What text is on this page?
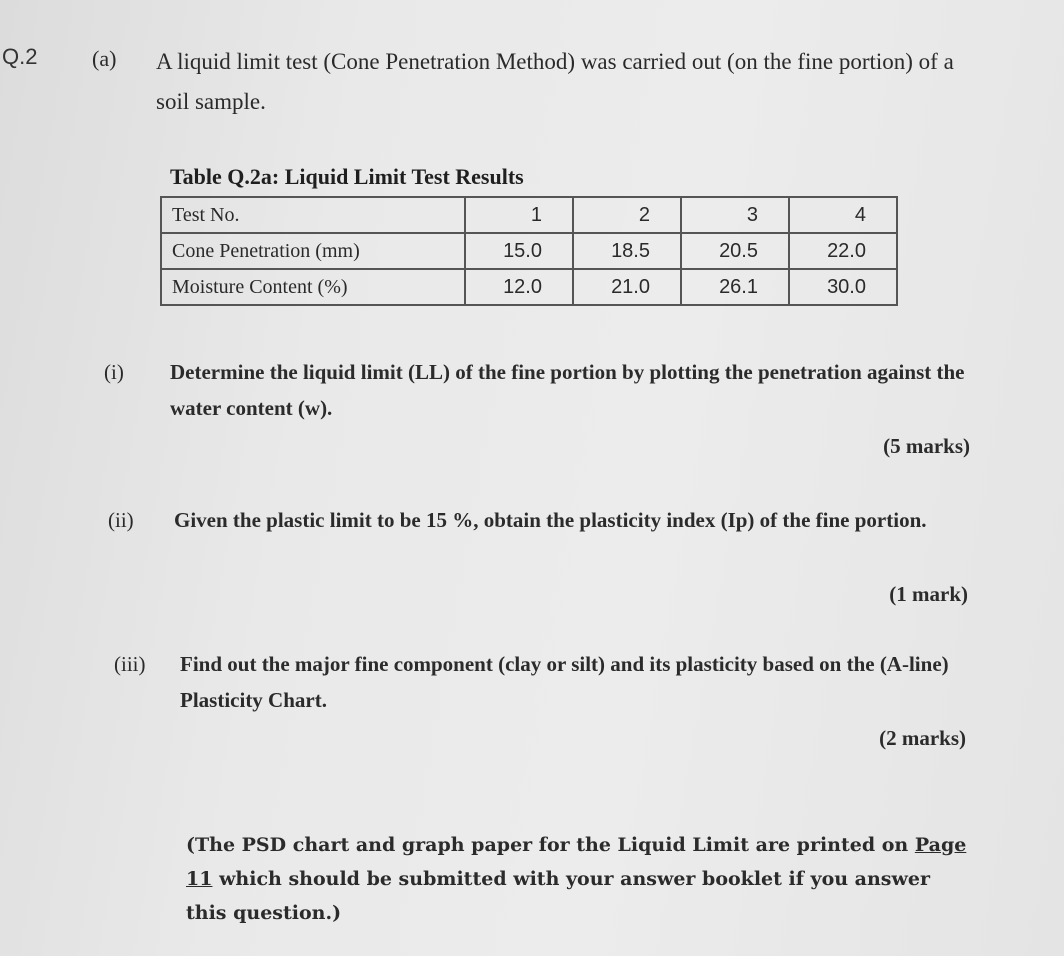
Q.2 (a) A liquid limit test (Cone Penetration Method) was carried out (on the fine portion) of a soil sample.
Table Q.2a: Liquid Limit Test Results
Test No.	1	2	3	4
Cone Penetration (mm)	15.0	18.5	20.5	22.0
Moisture Content (%)	12.0	21.0	26.1	30.0
(i) Determine the liquid limit (LL) of the fine portion by plotting the penetration against the water content (w).
(5 marks)
(ii) Given the plastic limit to be 15 %, obtain the plasticity index (Ip) of the fine portion.
(1 mark)
(iii) Find out the major fine component (clay or silt) and its plasticity based on the (A-line) Plasticity Chart.
(2 marks)
(The PSD chart and graph paper for the Liquid Limit are printed on Page 11 which should be submitted with your answer booklet if you answer this question.)
